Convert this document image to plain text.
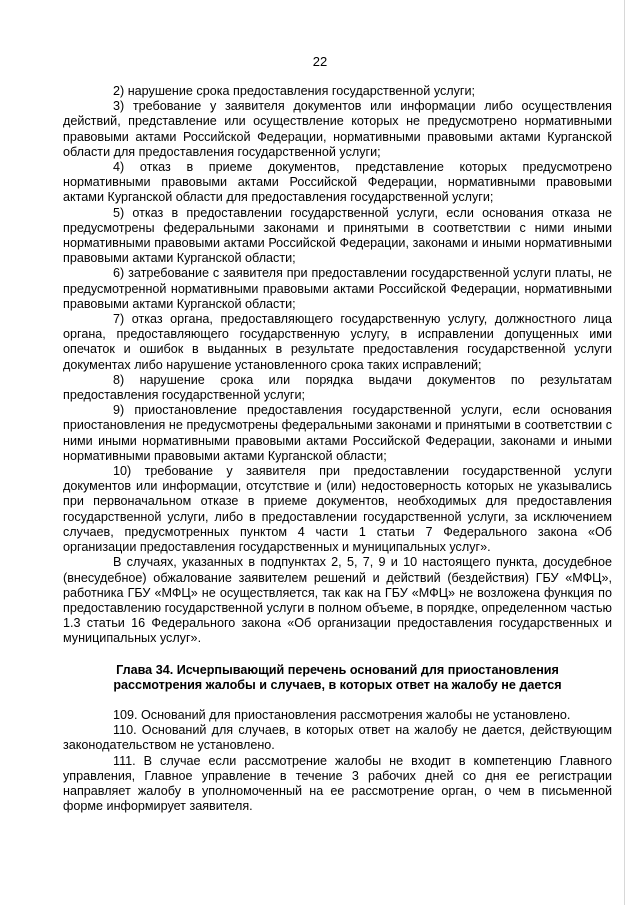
22

2) нарушение срока предоставления государственной услуги;

3) требование у заявителя документов или информации либо осуществления действий, представление или осуществление которых не предусмотрено нормативными правовыми актами Российской Федерации, нормативными правовыми актами Курганской области для предоставления государственной услуги;

4) отказ в приеме документов, представление которых предусмотрено нормативными правовыми актами Российской Федерации, нормативными правовыми актами Курганской области для предоставления государственной услуги;

5) отказ в предоставлении государственной услуги, если основания отказа не предусмотрены федеральными законами и принятыми в соответствии с ними иными нормативными правовыми актами Российской Федерации, законами и иными нормативными правовыми актами Курганской области;

6) затребование с заявителя при предоставлении государственной услуги платы, не предусмотренной нормативными правовыми актами Российской Федерации, нормативными правовыми актами Курганской области;

7) отказ органа, предоставляющего государственную услугу, должностного лица органа, предоставляющего государственную услугу, в исправлении допущенных ими опечаток и ошибок в выданных в результате предоставления государственной услуги документах либо нарушение установленного срока таких исправлений;

8) нарушение срока или порядка выдачи документов по результатам предоставления государственной услуги;

9) приостановление предоставления государственной услуги, если основания приостановления не предусмотрены федеральными законами и принятыми в соответствии с ними иными нормативными правовыми актами Российской Федерации, законами и иными нормативными правовыми актами Курганской области;

10) требование у заявителя при предоставлении государственной услуги документов или информации, отсутствие и (или) недостоверность которых не указывались при первоначальном отказе в приеме документов, необходимых для предоставления государственной услуги, либо в предоставлении государственной услуги, за исключением случаев, предусмотренных пунктом 4 части 1 статьи 7 Федерального закона «Об организации предоставления государственных и муниципальных услуг».

В случаях, указанных в подпунктах 2, 5, 7, 9 и 10 настоящего пункта, досудебное (внесудебное) обжалование заявителем решений и действий (бездействия) ГБУ «МФЦ», работника ГБУ «МФЦ» не осуществляется, так как на ГБУ «МФЦ» не возложена функция по предоставлению государственной услуги в полном объеме, в порядке, определенном частью 1.3 статьи 16 Федерального закона «Об организации предоставления государственных и муниципальных услуг».

Глава 34. Исчерпывающий перечень оснований для приостановления

рассмотрения жалобы и случаев, в которых ответ на жалобу не дается

109. Оснований для приостановления рассмотрения жалобы не установлено.

110. Оснований для случаев, в которых ответ на жалобу не дается, действующим законодательством не установлено.

111. В случае если рассмотрение жалобы не входит в компетенцию Главного управления, Главное управление в течение 3 рабочих дней со дня ее регистрации направляет жалобу в уполномоченный на ее рассмотрение орган, о чем в письменной форме информирует заявителя.
